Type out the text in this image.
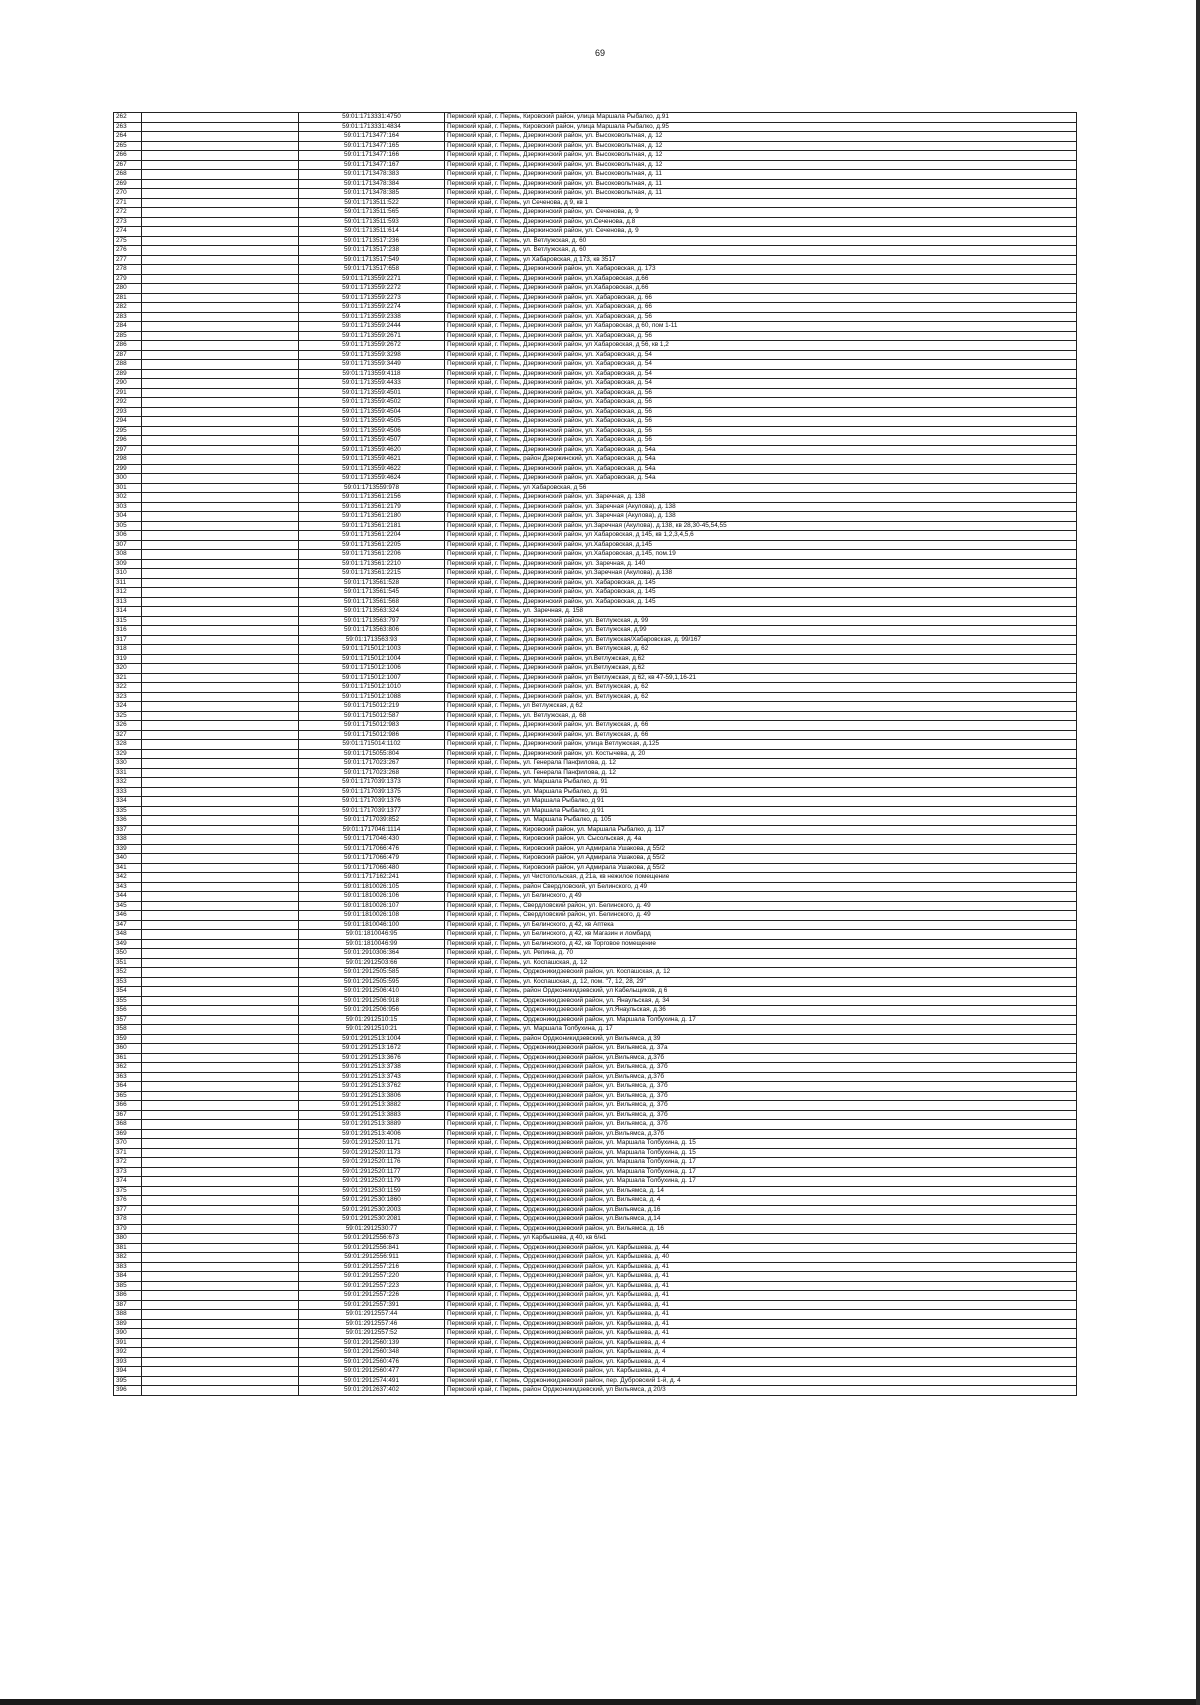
69
262		59:01:1713331:4750	Пермский край, г. Пермь, Кировский район, улица Маршала Рыбалко, д.91
263		59:01:1713331:4834	Пермский край, г. Пермь, Кировский район, улица Маршала Рыбалко, д.95
264		59:01:1713477:164	Пермский край, г. Пермь, Дзержинский район, ул. Высоковольтная, д. 12
265		59:01:1713477:165	Пермский край, г. Пермь, Дзержинский район, ул. Высоковольтная, д. 12
266		59:01:1713477:166	Пермский край, г. Пермь, Дзержинский район, ул. Высоковольтная, д. 12
267		59:01:1713477:167	Пермский край, г. Пермь, Дзержинский район, ул. Высоковольтная, д. 12
268		59:01:1713478:383	Пермский край, г. Пермь, Дзержинский район, ул. Высоковольтная, д. 11
269		59:01:1713478:384	Пермский край, г. Пермь, Дзержинский район, ул. Высоковольтная, д. 11
270		59:01:1713478:385	Пермский край, г. Пермь, Дзержинский район, ул. Высоковольтная, д. 11
271		59:01:1713511:522	Пермский край, г. Пермь, ул Сеченова, д 9, кв 1
272		59:01:1713511:565	Пермский край, г. Пермь, Дзержинский район, ул. Сеченова, д. 9
273		59:01:1713511:593	Пермский край, г. Пермь, Дзержинский район, ул.Сеченова, д.8
274		59:01:1713511:614	Пермский край, г. Пермь, Дзержинский район, ул. Сеченова, д. 9
275		59:01:1713517:236	Пермский край, г. Пермь, ул. Ветлужская, д. 60
276		59:01:1713517:238	Пермский край, г. Пермь, ул. Ветлужская, д. 60
277		59:01:1713517:549	Пермский край, г. Пермь, ул Хабаровская, д 173, кв 3517
278		59:01:1713517:658	Пермский край, г. Пермь, Дзержинский район, ул. Хабаровская, д. 173
279		59:01:1713559:2271	Пермский край, г. Пермь, Дзержинский район, ул.Хабаровская, д.66
280		59:01:1713559:2272	Пермский край, г. Пермь, Дзержинский район, ул.Хабаровская, д.66
281		59:01:1713559:2273	Пермский край, г. Пермь, Дзержинский район, ул. Хабаровская, д. 66
282		59:01:1713559:2274	Пермский край, г. Пермь, Дзержинский район, ул. Хабаровская, д. 66
283		59:01:1713559:2338	Пермский край, г. Пермь, Дзержинский район, ул. Хабаровская, д. 56
284		59:01:1713559:2444	Пермский край, г. Пермь, Дзержинский район, ул Хабаровская, д 60, пом 1-11
285		59:01:1713559:2671	Пермский край, г. Пермь, Дзержинский район, ул. Хабаровская, д. 56
286		59:01:1713559:2672	Пермский край, г. Пермь, Дзержинский район, ул Хабаровская, д 56, кв 1,2
287		59:01:1713559:3298	Пермский край, г. Пермь, Дзержинский район, ул. Хабаровская, д. 54
288		59:01:1713559:3449	Пермский край, г. Пермь, Дзержинский район, ул. Хабаровская, д. 54
289		59:01:1713559:4118	Пермский край, г. Пермь, Дзержинский район, ул. Хабаровская, д. 54
290		59:01:1713559:4433	Пермский край, г. Пермь, Дзержинский район, ул. Хабаровская, д. 54
291		59:01:1713559:4501	Пермский край, г. Пермь, Дзержинский район, ул. Хабаровская, д. 56
292		59:01:1713559:4502	Пермский край, г. Пермь, Дзержинский район, ул. Хабаровская, д. 56
293		59:01:1713559:4504	Пермский край, г. Пермь, Дзержинский район, ул. Хабаровская, д. 56
294		59:01:1713559:4505	Пермский край, г. Пермь, Дзержинский район, ул. Хабаровская, д. 56
295		59:01:1713559:4506	Пермский край, г. Пермь, Дзержинский район, ул. Хабаровская, д. 56
296		59:01:1713559:4507	Пермский край, г. Пермь, Дзержинский район, ул. Хабаровская, д. 56
297		59:01:1713559:4620	Пермский край, г. Пермь, Дзержинский район, ул. Хабаровская, д. 54а
298		59:01:1713559:4621	Пермский край, г. Пермь, район Дзержинский, ул. Хабаровская, д. 54а
299		59:01:1713559:4622	Пермский край, г. Пермь, Дзержинский район, ул. Хабаровская, д. 54а
300		59:01:1713559:4624	Пермский край, г. Пермь, Дзержинский район, ул. Хабаровская, д. 54а
301		59:01:1713559:978	Пермский край, г. Пермь, ул Хабаровская, д 56
302		59:01:1713561:2156	Пермский край, г. Пермь, Дзержинский район, ул. Заречная, д. 138
303		59:01:1713561:2179	Пермский край, г. Пермь, Дзержинский район, ул. Заречная (Акулова), д. 138
304		59:01:1713561:2180	Пермский край, г. Пермь, Дзержинский район, ул. Заречная (Акулова), д. 138
305		59:01:1713561:2181	Пермский край, г. Пермь, Дзержинский район, ул.Заречная (Акулова), д.138, кв 28,30-45,54,55
306		59:01:1713561:2204	Пермский край, г. Пермь, Дзержинский район, ул Хабаровская, д 145, кв 1,2,3,4,5,6
307		59:01:1713561:2205	Пермский край, г. Пермь, Дзержинский район, ул.Хабаровская, д.145
308		59:01:1713561:2206	Пермский край, г. Пермь, Дзержинский район, ул.Хабаровская, д.145, пом.19
309		59:01:1713561:2210	Пермский край, г. Пермь, Дзержинский район, ул. Заречная, д. 140
310		59:01:1713561:2215	Пермский край, г. Пермь, Дзержинский район, ул.Заречная (Акулова), д.138
311		59:01:1713561:528	Пермский край, г. Пермь, Дзержинский район, ул. Хабаровская, д. 145
312		59:01:1713561:545	Пермский край, г. Пермь, Дзержинский район, ул. Хабаровская, д. 145
313		59:01:1713561:568	Пермский край, г. Пермь, Дзержинский район, ул. Хабаровская, д. 145
314		59:01:1713563:324	Пермский край, г. Пермь, ул. Заречная, д. 158
315		59:01:1713563:797	Пермский край, г. Пермь, Дзержинский район, ул. Ветлужская, д. 99
316		59:01:1713563:806	Пермский край, г. Пермь, Дзержинский район, ул. Ветлужская, д.99
317		59:01:1713563:93	Пермский край, г. Пермь, Дзержинский район, ул. Ветлужская/Хабаровская, д. 99/167
318		59:01:1715012:1003	Пермский край, г. Пермь, Дзержинский район, ул. Ветлужская, д. 62
319		59:01:1715012:1004	Пермский край, г. Пермь, Дзержинский район, ул.Ветлужская, д.62
320		59:01:1715012:1006	Пермский край, г. Пермь, Дзержинский район, ул.Ветлужская, д.62
321		59:01:1715012:1007	Пермский край, г. Пермь, Дзержинский район, ул Ветлужская, д 62, кв 47-59,1,16-21
322		59:01:1715012:1010	Пермский край, г. Пермь, Дзержинский район, ул. Ветлужская, д. 62
323		59:01:1715012:1088	Пермский край, г. Пермь, Дзержинский район, ул. Ветлужская, д. 62
324		59:01:1715012:219	Пермский край, г. Пермь, ул Ветлужская, д 62
325		59:01:1715012:587	Пермский край, г. Пермь, ул. Ветлужская, д. 68
326		59:01:1715012:983	Пермский край, г. Пермь, Дзержинский район, ул. Ветлужская, д. 66
327		59:01:1715012:986	Пермский край, г. Пермь, Дзержинский район, ул. Ветлужская, д. 66
328		59:01:1715014:1102	Пермский край, г. Пермь, Дзержинский район, улица Ветлужская, д.125
329		59:01:1715055:804	Пермский край, г. Пермь, Дзержинский район, ул. Костычева, д. 20
330		59:01:1717023:267	Пермский край, г. Пермь, ул. Генерала Панфилова, д. 12
331		59:01:1717023:268	Пермский край, г. Пермь, ул. Генерала Панфилова, д. 12
332		59:01:1717039:1373	Пермский край, г. Пермь, ул. Маршала Рыбалко, д. 91
333		59:01:1717039:1375	Пермский край, г. Пермь, ул. Маршала Рыбалко, д. 91
334		59:01:1717039:1376	Пермский край, г. Пермь, ул Маршала Рыбалко, д 91
335		59:01:1717039:1377	Пермский край, г. Пермь, ул Маршала Рыбалко, д 91
336		59:01:1717039:852	Пермский край, г. Пермь, ул. Маршала Рыбалко, д. 105
337		59:01:1717046:1114	Пермский край, г. Пермь, Кировский район, ул. Маршала Рыбалко, д. 117
338		59:01:1717046:430	Пермский край, г. Пермь, Кировский район, ул. Сысольская, д. 4а
339		59:01:1717066:476	Пермский край, г. Пермь, Кировский район, ул Адмирала Ушакова, д 55/2
340		59:01:1717066:479	Пермский край, г. Пермь, Кировский район, ул Адмирала Ушакова, д 55/2
341		59:01:1717066:480	Пермский край, г. Пермь, Кировский район, ул Адмирала Ушакова, д 55/2
342		59:01:1717162:241	Пермский край, г. Пермь, ул Чистопольская, д 21а, кв нежилое помещение
343		59:01:1810026:105	Пермский край, г. Пермь, район Свердловский, ул Белинского, д 49
344		59:01:1810026:106	Пермский край, г. Пермь, ул Белинского, д 49
345		59:01:1810026:107	Пермский край, г. Пермь, Свердловский район, ул. Белинского, д. 49
346		59:01:1810026:108	Пермский край, г. Пермь, Свердловский район, ул. Белинского, д. 49
347		59:01:1810046:100	Пермский край, г. Пермь, ул Белинского, д 42, кв Аптека
348		59:01:1810046:95	Пермский край, г. Пермь, ул Белинского, д 42, кв Магазин и ломбард
349		59:01:1810046:99	Пермский край, г. Пермь, ул Белинского, д 42, кв Торговое помещение
350		59:01:2910306:364	Пермский край, г. Пермь, ул. Репина, д. 70
351		59:01:2912503:66	Пермский край, г. Пермь, ул. Коспашская, д. 12
352		59:01:2912505:585	Пермский край, г. Пермь, Орджоникидзевский район, ул. Коспашская, д. 12
353		59:01:2912505:595	Пермский край, г. Пермь, ул. Коспашская, д. 12, пом. "7, 12, 28, 29"
354		59:01:2912506:410	Пермский край, г. Пермь, район Орджоникидзевский, ул Кабельщиков, д 6
355		59:01:2912506:918	Пермский край, г. Пермь, Орджоникидзевский район, ул. Янаульская, д. 34
356		59:01:2912506:956	Пермский край, г. Пермь, Орджоникидзевский район, ул.Янаульская, д.36
357		59:01:2912510:15	Пермский край, г. Пермь, Орджоникидзевский район, ул. Маршала Толбухина, д. 17
358		59:01:2912510:21	Пермский край, г. Пермь, ул. Маршала Толбухина, д. 17
359		59:01:2912513:1004	Пермский край, г. Пермь, район Орджоникидзевский, ул Вильямса, д 39
360		59:01:2912513:1672	Пермский край, г. Пермь, Орджоникидзевский район, ул. Вильямса, д. 37а
361		59:01:2912513:3676	Пермский край, г. Пермь, Орджоникидзевский район, ул.Вильямса, д.37б
362		59:01:2912513:3738	Пермский край, г. Пермь, Орджоникидзевский район, ул. Вильямса, д. 37б
363		59:01:2912513:3743	Пермский край, г. Пермь, Орджоникидзевский район, ул.Вильямса, д.37б
364		59:01:2912513:3762	Пермский край, г. Пермь, Орджоникидзевский район, ул. Вильямса, д. 37б
365		59:01:2912513:3806	Пермский край, г. Пермь, Орджоникидзевский район, ул. Вильямса, д. 37б
366		59:01:2912513:3882	Пермский край, г. Пермь, Орджоникидзевский район, ул. Вильямса, д. 37б
367		59:01:2912513:3883	Пермский край, г. Пермь, Орджоникидзевский район, ул. Вильямса, д. 37б
368		59:01:2912513:3889	Пермский край, г. Пермь, Орджоникидзевский район, ул. Вильямса, д. 37б
369		59:01:2912513:4006	Пермский край, г. Пермь, Орджоникидзевский район, ул.Вильямса, д.37б
370		59:01:2912520:1171	Пермский край, г. Пермь, Орджоникидзевский район, ул. Маршала Толбухина, д. 15
371		59:01:2912520:1173	Пермский край, г. Пермь, Орджоникидзевский район, ул. Маршала Толбухина, д. 15
372		59:01:2912520:1176	Пермский край, г. Пермь, Орджоникидзевский район, ул. Маршала Толбухина, д. 17
373		59:01:2912520:1177	Пермский край, г. Пермь, Орджоникидзевский район, ул. Маршала Толбухина, д. 17
374		59:01:2912520:1179	Пермский край, г. Пермь, Орджоникидзевский район, ул. Маршала Толбухина, д. 17
375		59:01:2912530:1159	Пермский край, г. Пермь, Орджоникидзевский район, ул. Вильямса, д. 14
376		59:01:2912530:1860	Пермский край, г. Пермь, Орджоникидзевский район, ул. Вильямса, д. 4
377		59:01:2912530:2003	Пермский край, г. Пермь, Орджоникидзевский район, ул.Вильямса, д.16
378		59:01:2912530:2081	Пермский край, г. Пермь, Орджоникидзевский район, ул.Вильямса, д.14
379		59:01:2912530:77	Пермский край, г. Пермь, Орджоникидзевский район, ул. Вильямса, д. 16
380		59:01:2912556:673	Пермский край, г. Пермь, ул Карбышева, д 40, кв 6/н1
381		59:01:2912556:841	Пермский край, г. Пермь, Орджоникидзевский район, ул. Карбышева, д. 44
382		59:01:2912556:911	Пермский край, г. Пермь, Орджоникидзевский район, ул. Карбышева, д. 40
383		59:01:2912557:216	Пермский край, г. Пермь, Орджоникидзевский район, ул. Карбышева, д. 41
384		59:01:2912557:220	Пермский край, г. Пермь, Орджоникидзевский район, ул. Карбышева, д. 41
385		59:01:2912557:223	Пермский край, г. Пермь, Орджоникидзевский район, ул. Карбышева, д. 41
386		59:01:2912557:226	Пермский край, г. Пермь, Орджоникидзевский район, ул. Карбышева, д. 41
387		59:01:2912557:391	Пермский край, г. Пермь, Орджоникидзевский район, ул. Карбышева, д. 41
388		59:01:2912557:44	Пермский край, г. Пермь, Орджоникидзевский район, ул. Карбышева, д. 41
389		59:01:2912557:46	Пермский край, г. Пермь, Орджоникидзевский район, ул. Карбышева, д. 41
390		59:01:2912557:52	Пермский край, г. Пермь, Орджоникидзевский район, ул. Карбышева, д. 41
391		59:01:2912560:139	Пермский край, г. Пермь, Орджоникидзевский район, ул. Карбышева, д. 4
392		59:01:2912560:348	Пермский край, г. Пермь, Орджоникидзевский район, ул. Карбышева, д. 4
393		59:01:2912560:476	Пермский край, г. Пермь, Орджоникидзевский район, ул. Карбышева, д. 4
394		59:01:2912560:477	Пермский край, г. Пермь, Орджоникидзевский район, ул. Карбышева, д. 4
395		59:01:2912574:491	Пермский край, г. Пермь, Орджоникидзевский район, пер. Дубровский 1-й, д. 4
396		59:01:2912637:402	Пермский край, г. Пермь, район Орджоникидзевский, ул Вильямса, д 20/3
